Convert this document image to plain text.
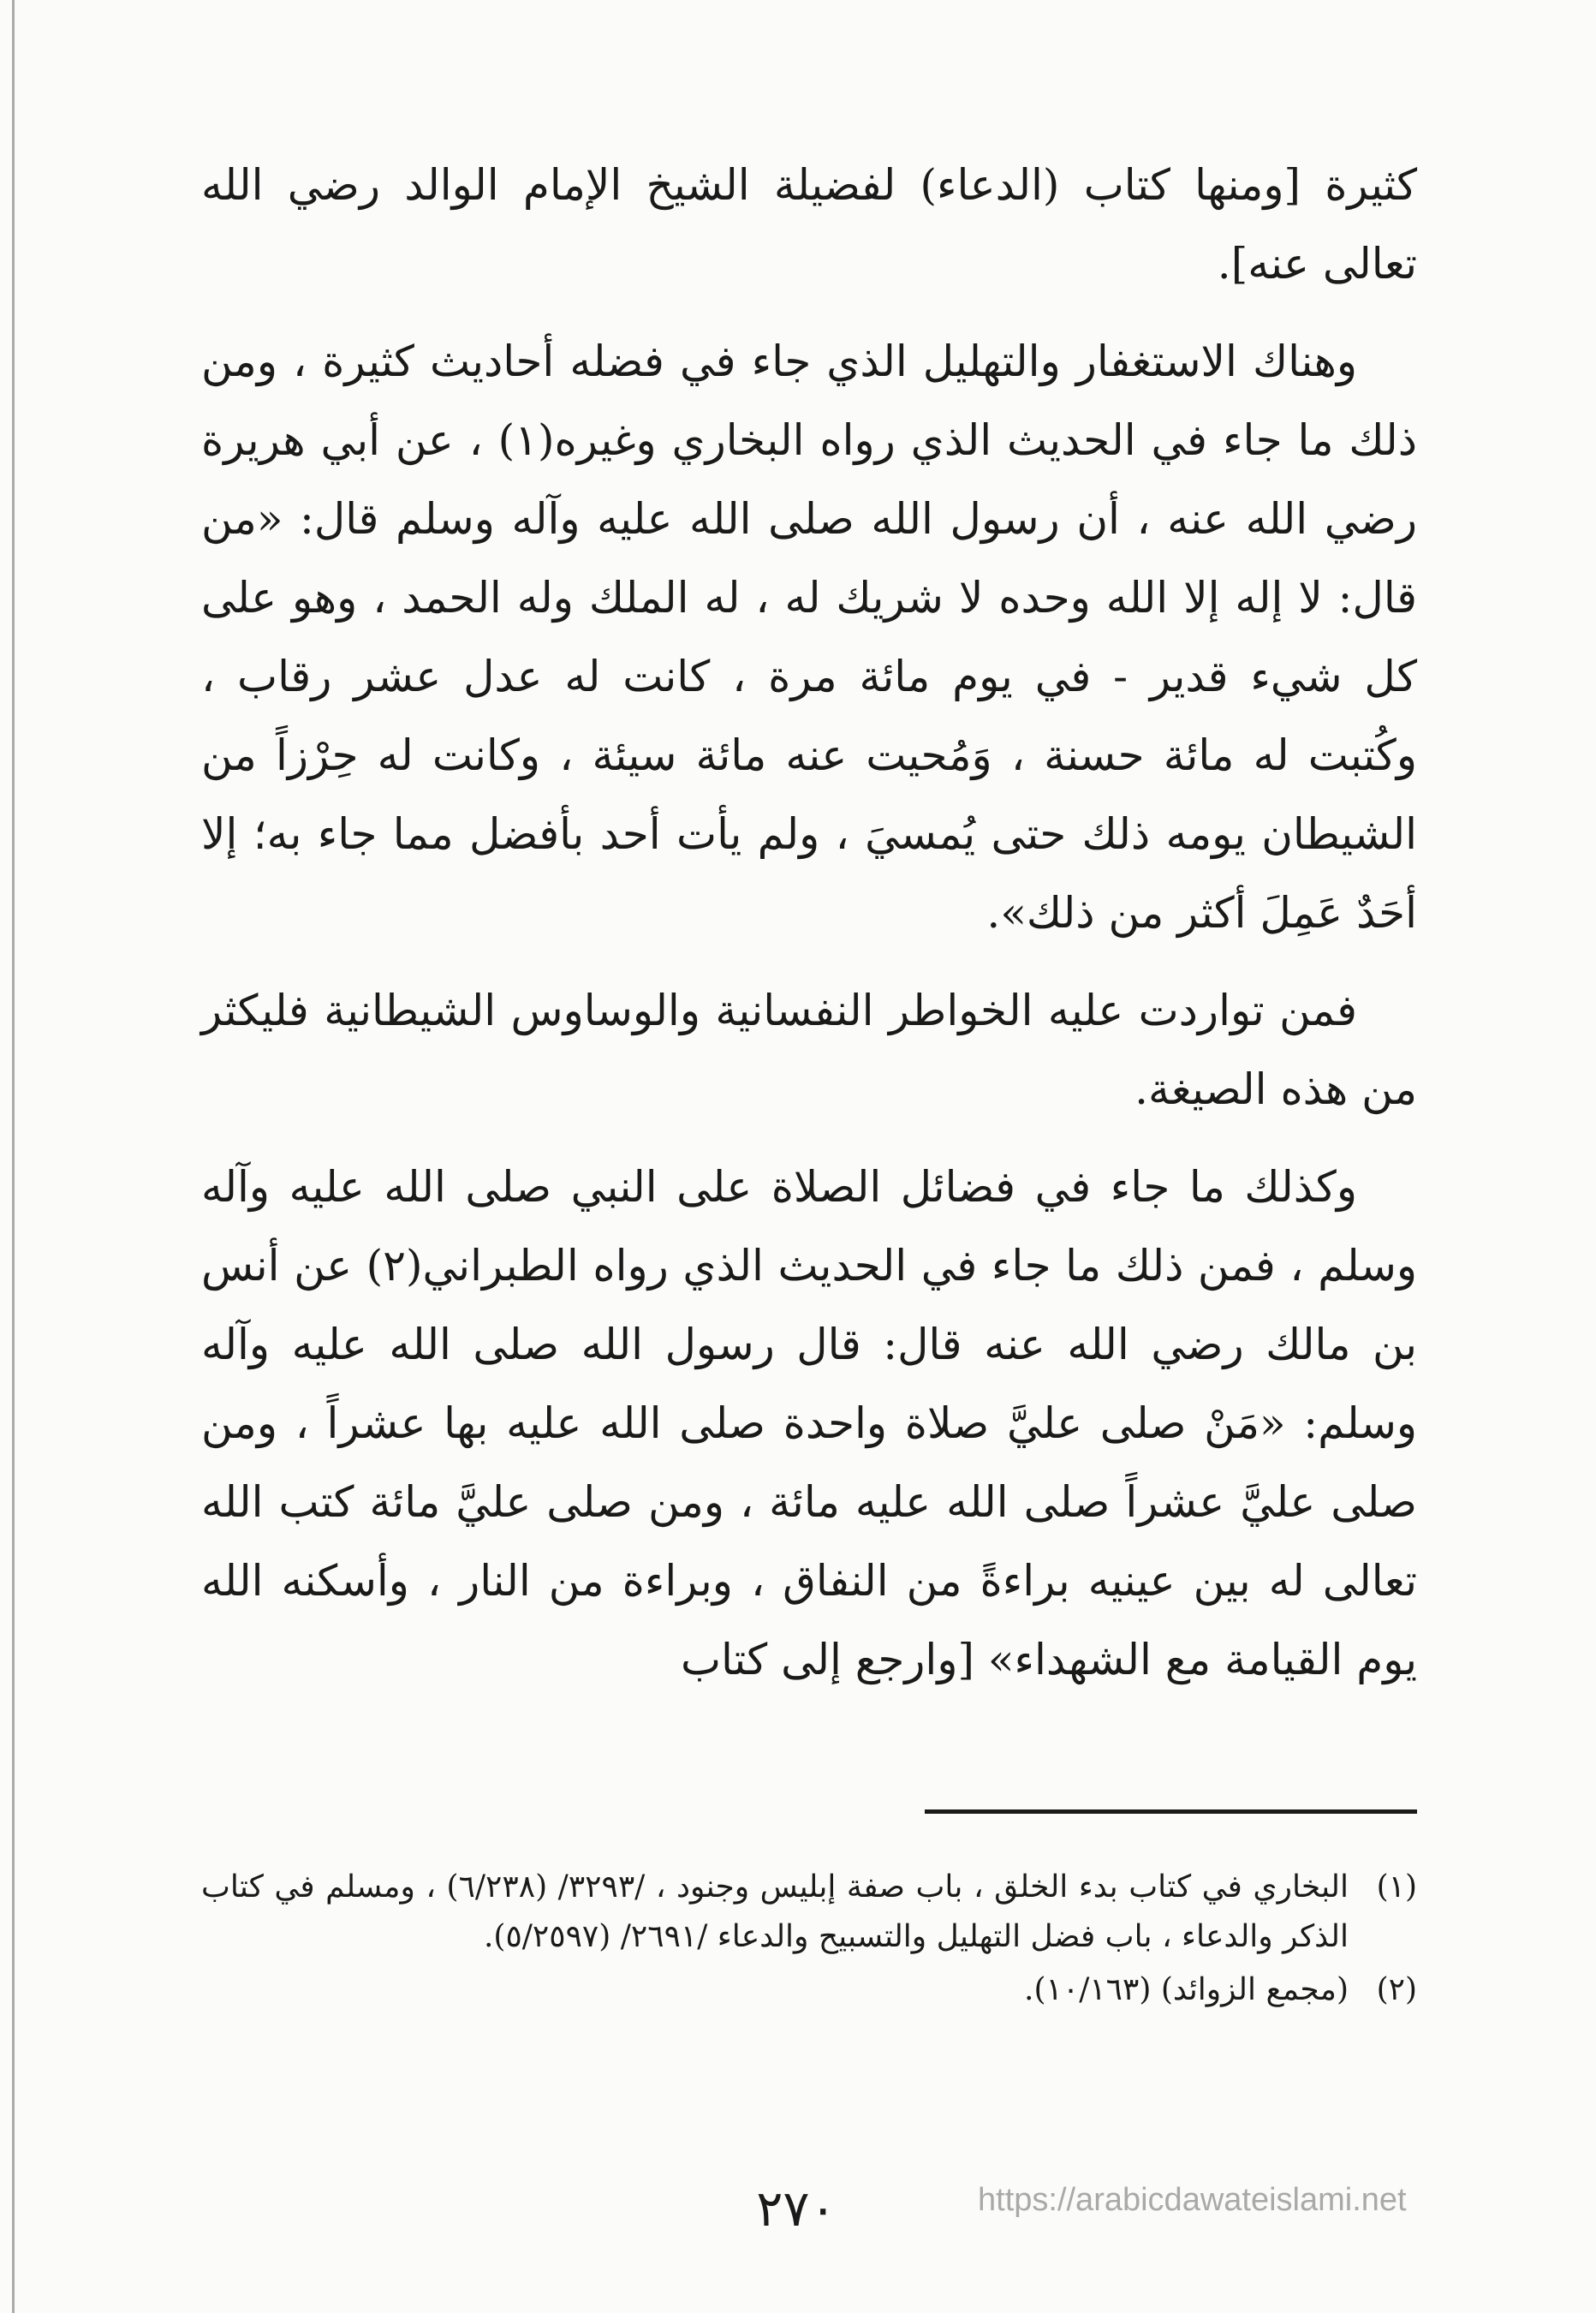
كثيرة [ومنها كتاب (الدعاء) لفضيلة الشيخ الإمام الوالد رضي الله تعالى عنه].

وهناك الاستغفار والتهليل الذي جاء في فضله أحاديث كثيرة ، ومن ذلك ما جاء في الحديث الذي رواه البخاري وغيره(١) ، عن أبي هريرة رضي الله عنه ، أن رسول الله صلى الله عليه وآله وسلم قال: «من قال: لا إله إلا الله وحده لا شريك له ، له الملك وله الحمد ، وهو على كل شيء قدير - في يوم مائة مرة ، كانت له عدل عشر رقاب ، وكُتبت له مائة حسنة ، وَمُحيت عنه مائة سيئة ، وكانت له حِرْزاً من الشيطان يومه ذلك حتى يُمسيَ ، ولم يأت أحد بأفضل مما جاء به؛ إلا أحَدٌ عَمِلَ أكثر من ذلك».

فمن تواردت عليه الخواطر النفسانية والوساوس الشيطانية فليكثر من هذه الصيغة.

وكذلك ما جاء في فضائل الصلاة على النبي صلى الله عليه وآله وسلم ، فمن ذلك ما جاء في الحديث الذي رواه الطبراني(٢) عن أنس بن مالك رضي الله عنه قال: قال رسول الله صلى الله عليه وآله وسلم: «مَنْ صلى عليَّ صلاة واحدة صلى الله عليه بها عشراً ، ومن صلى عليَّ عشراً صلى الله عليه مائة ، ومن صلى عليَّ مائة كتب الله تعالى له بين عينيه براءةً من النفاق ، وبراءة من النار ، وأسكنه الله يوم القيامة مع الشهداء» [وارجع إلى كتاب

(١)
البخاري في كتاب بدء الخلق ، باب صفة إبليس وجنود ، /٣٢٩٣/ (٦/٢٣٨) ، ومسلم في كتاب الذكر والدعاء ، باب فضل التهليل والتسبيح والدعاء /٢٦٩١/ (٥/٢٥٩٧).
(٢)
(مجمع الزوائد) (١٠/١٦٣).
٢٧٠	https://arabicdawateislami.net
